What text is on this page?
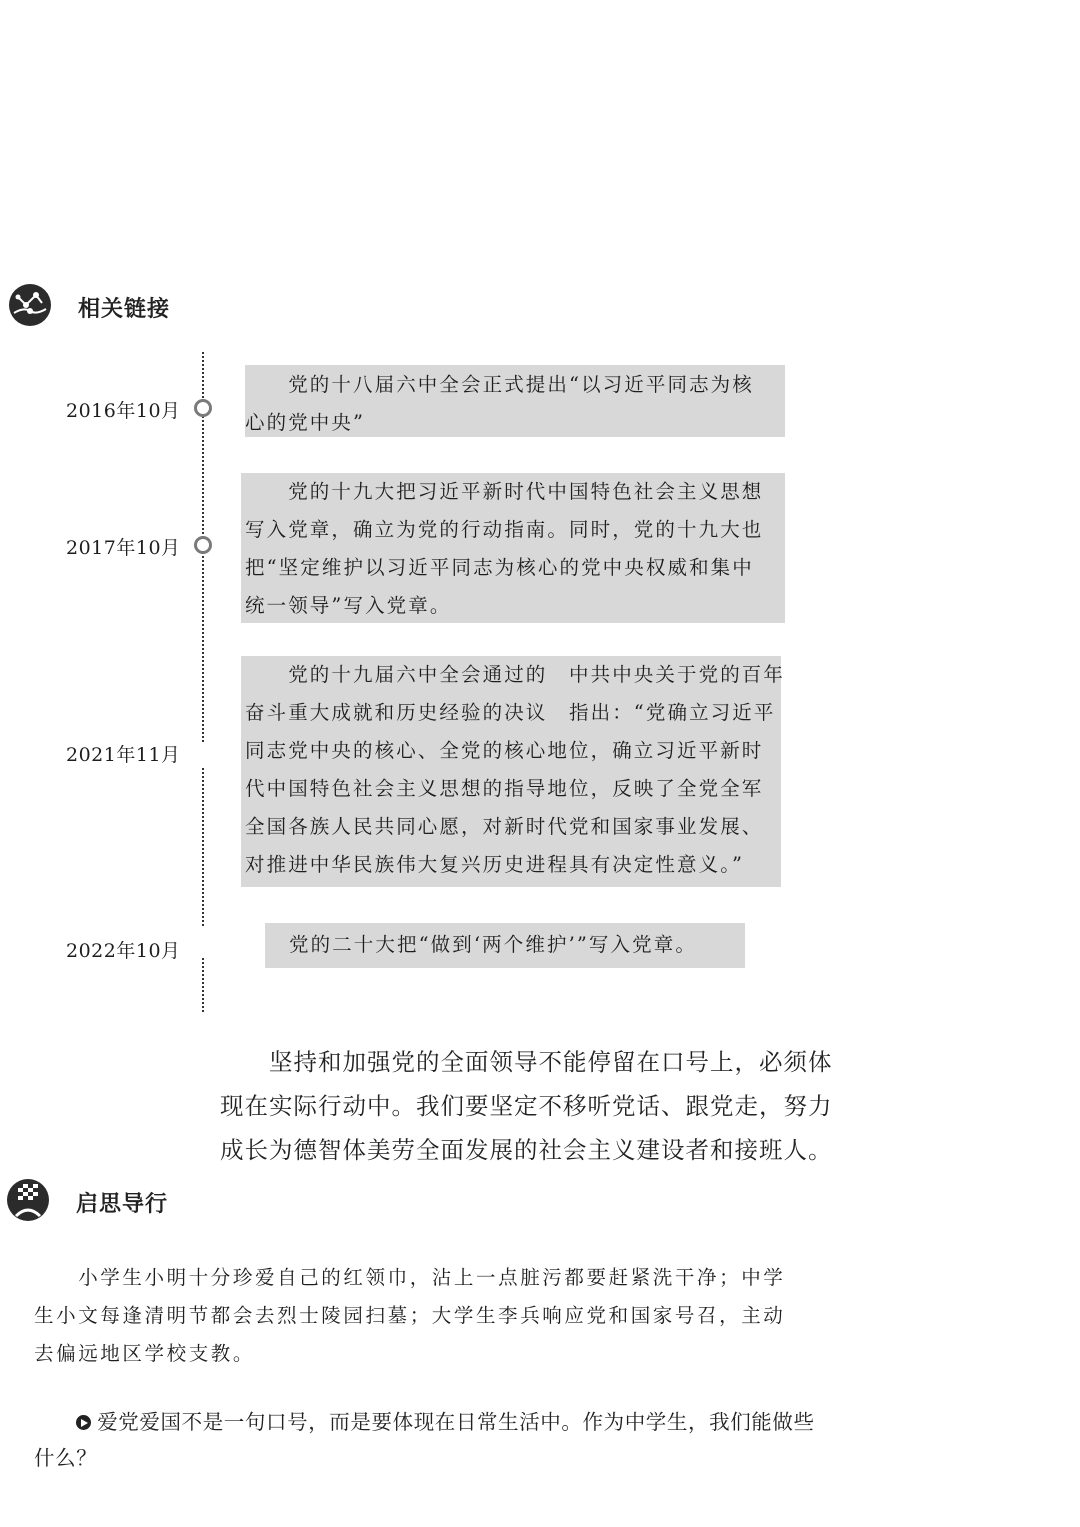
相关链接
2016年10月

　　党的十八届六中全会正式提出“以习近平同志为核

心的党中央”

2017年10月

　　党的十九大把习近平新时代中国特色社会主义思想

写入党章，确立为党的行动指南。同时，党的十九大也

把“坚定维护以习近平同志为核心的党中央权威和集中

统一领导”写入党章。

2021年11月

　　党的十九届六中全会通过的　中共中央关于党的百年

奋斗重大成就和历史经验的决议　指出：“党确立习近平

同志党中央的核心、全党的核心地位，确立习近平新时

代中国特色社会主义思想的指导地位，反映了全党全军

全国各族人民共同心愿，对新时代党和国家事业发展、

对推进中华民族伟大复兴历史进程具有决定性意义。”

2022年10月	党的二十大把“做到‘两个维护’”写入党章。

　　坚持和加强党的全面领导不能停留在口号上，必须体

现在实际行动中。我们要坚定不移听党话、跟党走，努力

成长为德智体美劳全面发展的社会主义建设者和接班人。

启思导行

　　小学生小明十分珍爱自己的红领巾，沾上一点脏污都要赶紧洗干净；中学

生小文每逢清明节都会去烈士陵园扫墓；大学生李兵响应党和国家号召，主动

去偏远地区学校支教。

　　爱党爱国不是一句口号，而是要体现在日常生活中。作为中学生，我们能做些

什么？
